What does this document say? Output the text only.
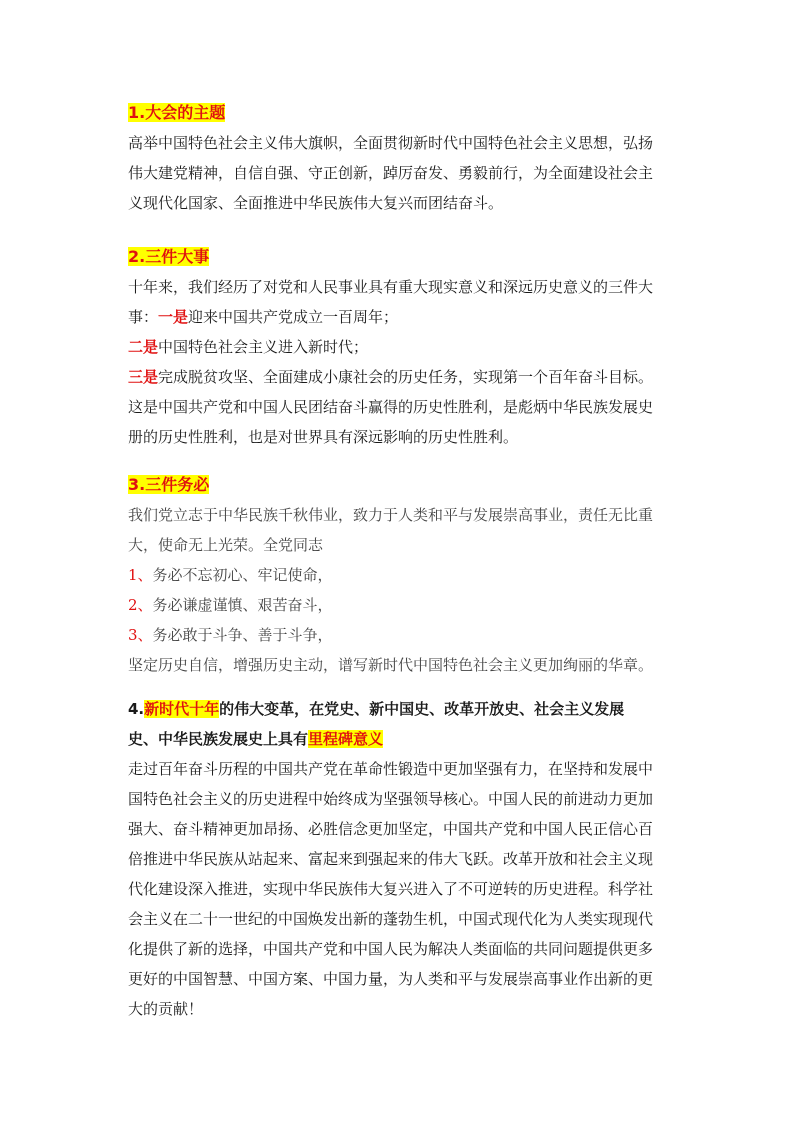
1.大会的主题
高举中国特色社会主义伟大旗帜，全面贯彻新时代中国特色社会主义思想，弘扬
伟大建党精神，自信自强、守正创新，踔厉奋发、勇毅前行，为全面建设社会主
义现代化国家、全面推进中华民族伟大复兴而团结奋斗。
2.三件大事
十年来，我们经历了对党和人民事业具有重大现实意义和深远历史意义的三件大
事：一是迎来中国共产党成立一百周年；
二是中国特色社会主义进入新时代；
三是完成脱贫攻坚、全面建成小康社会的历史任务，实现第一个百年奋斗目标。
这是中国共产党和中国人民团结奋斗赢得的历史性胜利，是彪炳中华民族发展史
册的历史性胜利，也是对世界具有深远影响的历史性胜利。
3.三件务必
我们党立志于中华民族千秋伟业，致力于人类和平与发展崇高事业，责任无比重
大，使命无上光荣。全党同志
1、务必不忘初心、牢记使命，
2、务必谦虚谨慎、艰苦奋斗，
3、务必敢于斗争、善于斗争，
坚定历史自信，增强历史主动，谱写新时代中国特色社会主义更加绚丽的华章。
4.新时代十年的伟大变革，在党史、新中国史、改革开放史、社会主义发展
史、中华民族发展史上具有里程碑意义
走过百年奋斗历程的中国共产党在革命性锻造中更加坚强有力，在坚持和发展中
国特色社会主义的历史进程中始终成为坚强领导核心。中国人民的前进动力更加
强大、奋斗精神更加昂扬、必胜信念更加坚定，中国共产党和中国人民正信心百
倍推进中华民族从站起来、富起来到强起来的伟大飞跃。改革开放和社会主义现
代化建设深入推进，实现中华民族伟大复兴进入了不可逆转的历史进程。科学社
会主义在二十一世纪的中国焕发出新的蓬勃生机，中国式现代化为人类实现现代
化提供了新的选择，中国共产党和中国人民为解决人类面临的共同问题提供更多
更好的中国智慧、中国方案、中国力量，为人类和平与发展崇高事业作出新的更
大的贡献！
